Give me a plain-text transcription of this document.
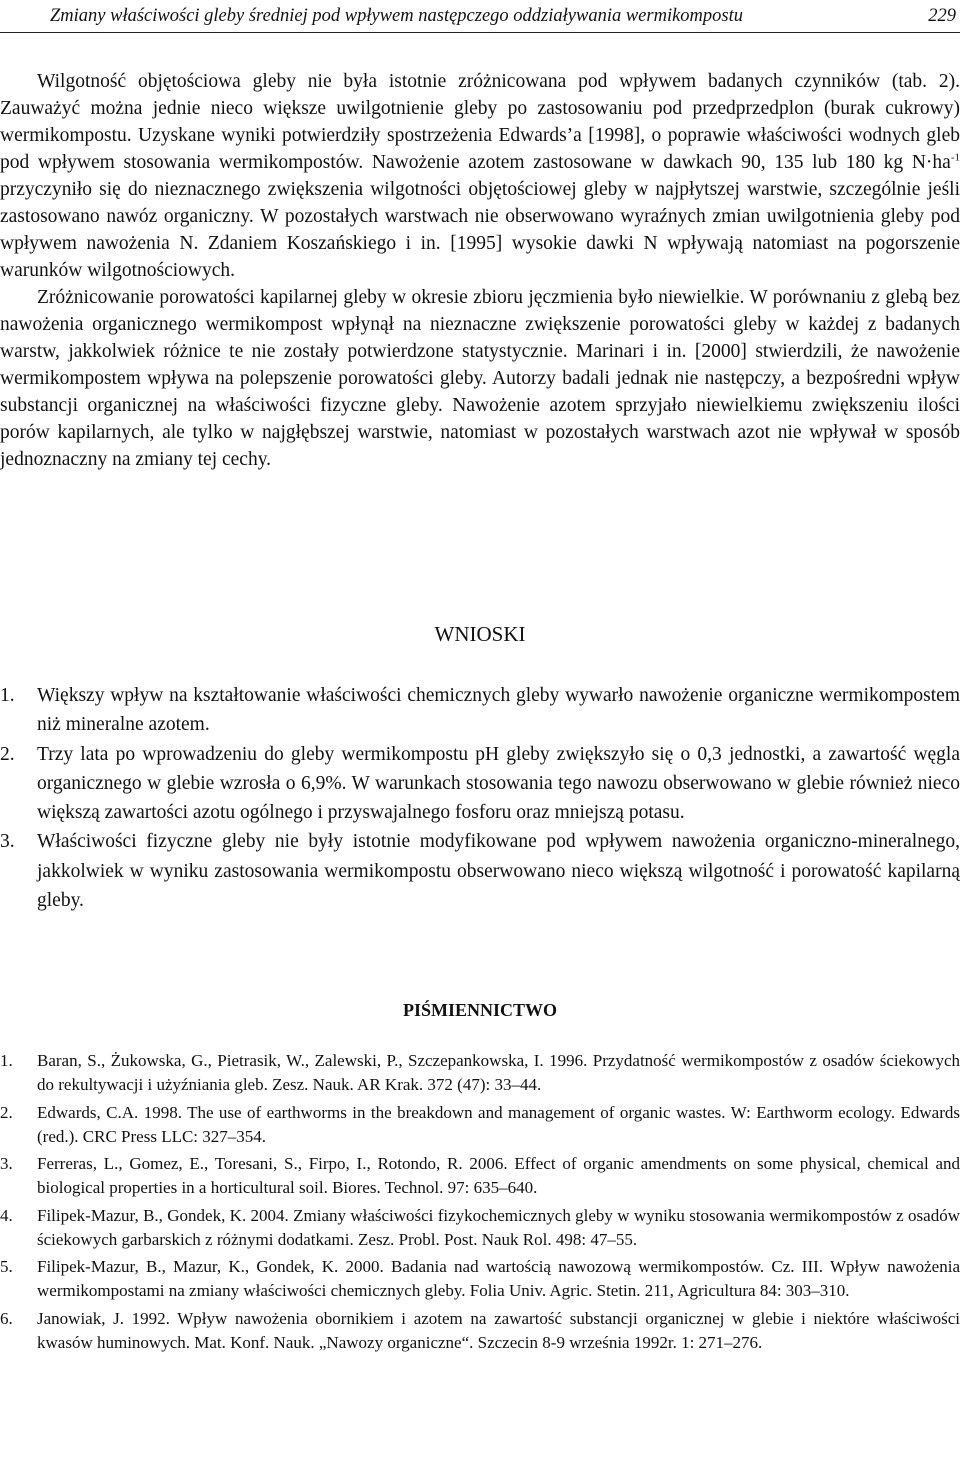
Zmiany właściwości gleby średniej pod wpływem następczego oddziaływania wermikompostu	229

Wilgotność objętościowa gleby nie była istotnie zróżnicowana pod wpływem badanych czynników (tab. 2). Zauważyć można jednie nieco większe uwilgotnienie gleby po zastosowaniu pod przedprzedplon (burak cukrowy) wermikompostu. Uzyskane wyniki potwierdziły spostrzeżenia Edwards’a [1998], o poprawie właściwości wodnych gleb pod wpływem stosowania wermikompostów. Nawożenie azotem zastosowane w dawkach 90, 135 lub 180 kg $N\cdot ha^{-1}$ przyczyniło się do nieznacznego zwiększenia wilgotności objętościowej gleby w najpłytszej warstwie, szczególnie jeśli zastosowano nawóz organiczny. W pozostałych warstwach nie obserwowano wyraźnych zmian uwilgotnienia gleby pod wpływem nawożenia N. Zdaniem Koszańskiego i in. [1995] wysokie dawki N wpływają natomiast na pogorszenie warunków wilgotnościowych.

Zróżnicowanie porowatości kapilarnej gleby w okresie zbioru jęczmienia było niewielkie. W porównaniu z glebą bez nawożenia organicznego wermikompost wpłynął na nieznaczne zwiększenie porowatości gleby w każdej z badanych warstw, jakkolwiek różnice te nie zostały potwierdzone statystycznie. Marinari i in. [2000] stwierdzili, że nawożenie wermikompostem wpływa na polepszenie porowatości gleby. Autorzy badali jednak nie następczy, a bezpośredni wpływ substancji organicznej na właściwości fizyczne gleby. Nawożenie azotem sprzyjało niewielkiemu zwiększeniu ilości porów kapilarnych, ale tylko w najgłębszej warstwie, natomiast w pozostałych warstwach azot nie wpływał w sposób jednoznaczny na zmiany tej cechy.

WNIOSKI
1. Większy wpływ na kształtowanie właściwości chemicznych gleby wywarło nawożenie organiczne wermikompostem niż mineralne azotem.
2. Trzy lata po wprowadzeniu do gleby wermikompostu pH gleby zwiększyło się o 0,3 jednostki, a zawartość węgla organicznego w glebie wzrosła o 6,9%. W warunkach stosowania tego nawozu obserwowano w glebie również nieco większą zawartości azotu ogólnego i przyswajalnego fosforu oraz mniejszą potasu.
3. Właściwości fizyczne gleby nie były istotnie modyfikowane pod wpływem nawożenia organiczno-mineralnego, jakkolwiek w wyniku zastosowania wermikompostu obserwowano nieco większą wilgotność i porowatość kapilarną gleby.
PIŚMIENNICTWO
1. Baran, S., Żukowska, G., Pietrasik, W., Zalewski, P., Szczepankowska, I. 1996. Przydatność wermikompostów z osadów ściekowych do rekultywacji i użyźniania gleb. Zesz. Nauk. AR Krak. 372 (47): 33–44.
2. Edwards, C.A. 1998. The use of earthworms in the breakdown and management of organic wastes. W: Earthworm ecology. Edwards (red.). CRC Press LLC: 327–354.
3. Ferreras, L., Gomez, E., Toresani, S., Firpo, I., Rotondo, R. 2006. Effect of organic amendments on some physical, chemical and biological properties in a horticultural soil. Biores. Technol. 97: 635–640.
4. Filipek-Mazur, B., Gondek, K. 2004. Zmiany właściwości fizykochemicznych gleby w wyniku stosowania wermikompostów z osadów ściekowych garbarskich z różnymi dodatkami. Zesz. Probl. Post. Nauk Rol. 498: 47–55.
5. Filipek-Mazur, B., Mazur, K., Gondek, K. 2000. Badania nad wartością nawozową wermikompostów. Cz. III. Wpływ nawożenia wermikompostami na zmiany właściwości chemicznych gleby. Folia Univ. Agric. Stetin. 211, Agricultura 84: 303–310.
6. Janowiak, J. 1992. Wpływ nawożenia obornikiem i azotem na zawartość substancji organicznej w glebie i niektóre właściwości kwasów huminowych. Mat. Konf. Nauk. „Nawozy organiczne“. Szczecin 8-9 września 1992r. 1: 271–276.
